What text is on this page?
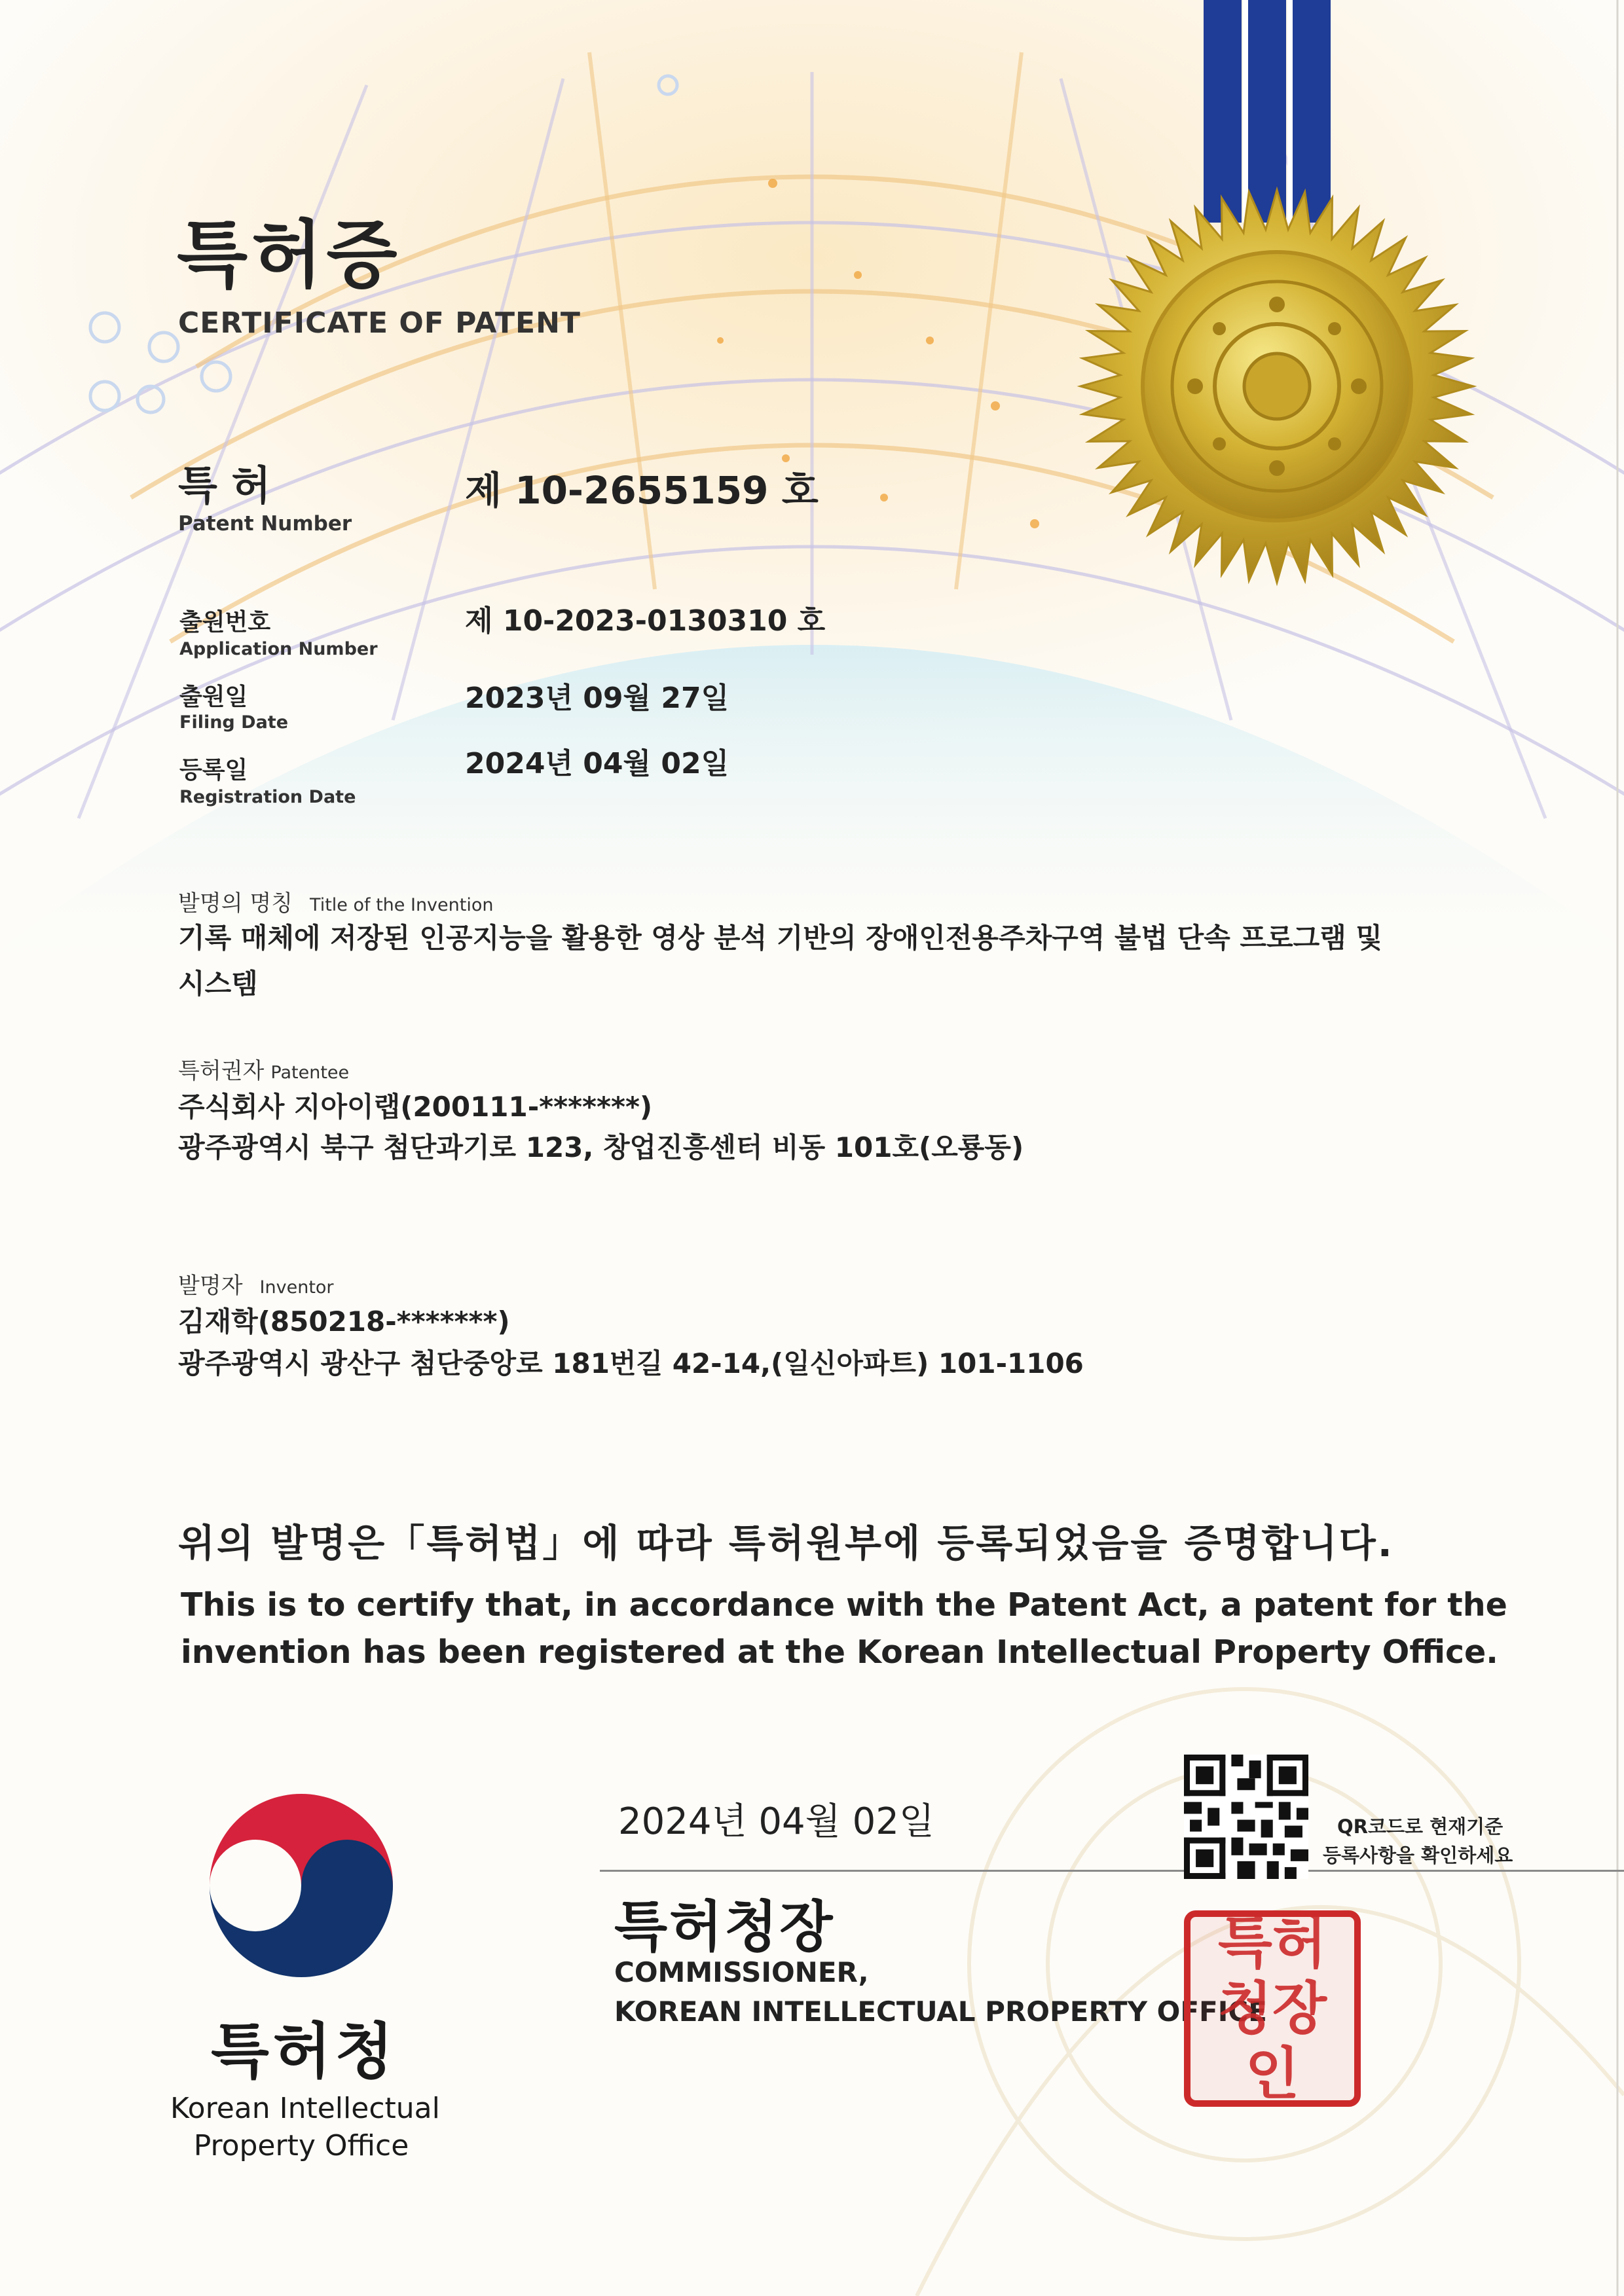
특허증
CERTIFICATE OF PATENT
특 허
Patent Number
제 10-2655159 호
출원번호
Application Number
제 10-2023-0130310 호
출원일
Filing Date
2023년 09월 27일
등록일
Registration Date
2024년 04월 02일
발명의 명칭 Title of the Invention
기록 매체에 저장된 인공지능을 활용한 영상 분석 기반의 장애인전용주차구역 불법 단속 프로그램 및
시스템
특허권자 Patentee
주식회사 지아이랩(200111-*******)
광주광역시 북구 첨단과기로 123, 창업진흥센터 비동 101호(오룡동)
발명자 Inventor
김재학(850218-*******)
광주광역시 광산구 첨단중앙로 181번길 42-14,(일신아파트) 101-1106
위의 발명은「특허법」에 따라 특허원부에 등록되었음을 증명합니다.
This is to certify that, in accordance with the Patent Act, a patent for the
invention has been registered at the Korean Intellectual Property Office.
특허청
Korean Intellectual
Property Office
2024년 04월 02일	QR코드로 현재기준
등록사항을 확인하세요
특허청장
COMMISSIONER,
KOREAN INTELLECTUAL PROPERTY OFFICE
특허청장인
